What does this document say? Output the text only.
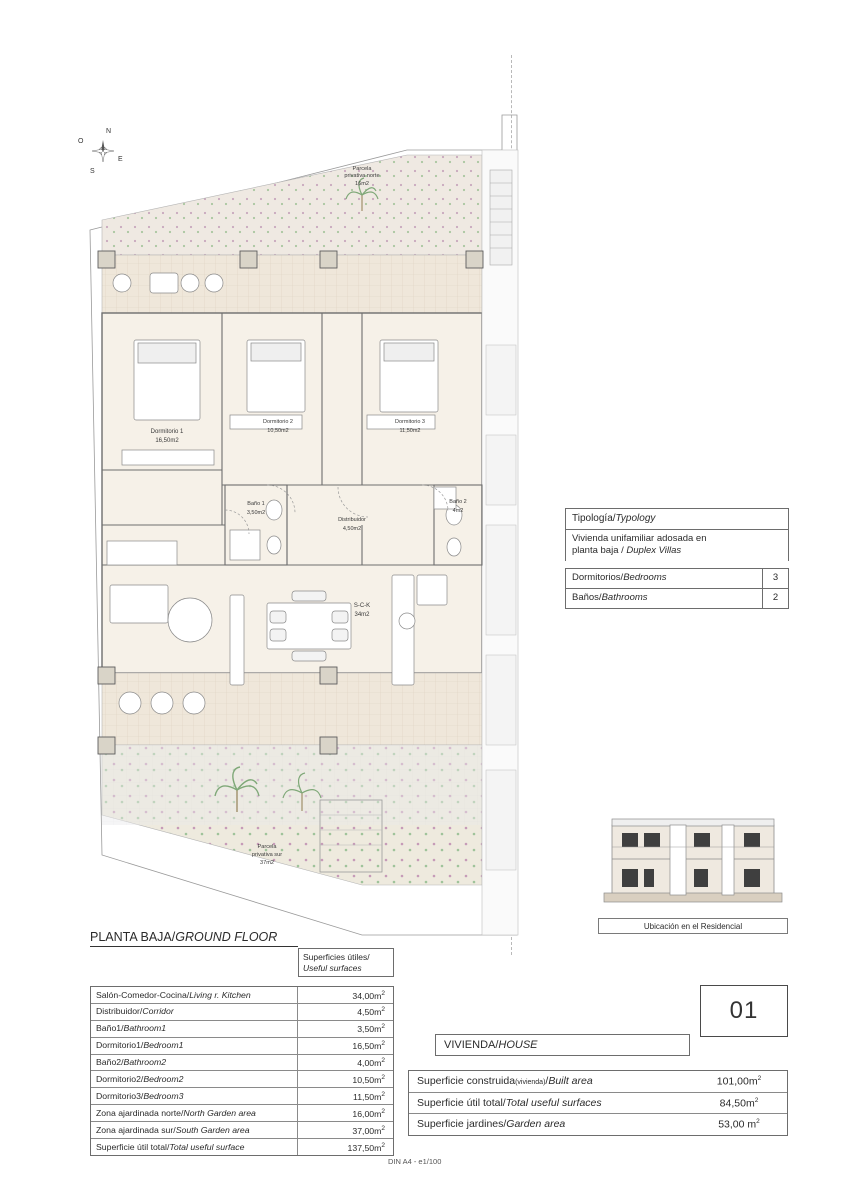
N
S
E
O
Parcela
privativa norte
16m2
Dormitorio 1
16,50m2
Dormitorio 2
10,50m2
Dormitorio 3
11,50m2
Baño 1
3,50m2
Baño 2
4m2
Distribuidor
4,50m2
S-C-K
34m2
Parcela
privativa sur
37m2
Tipología/Typology
Vivienda unifamiliar adosada en
planta baja / Duplex Villas
Dormitorios/Bedrooms	3
Baños/Bathrooms	2
Ubicación en el Residencial
01
VIVIENDA/ HOUSE
PLANTA BAJA/GROUND FLOOR
Superficies útiles/
Useful surfaces
Salón-Comedor-Cocina/Living r. Kitchen	$34,00m^2$
Distribuidor/Corridor	$4,50m^2$
Baño1/Bathroom1	$3,50m^2$
Dormitorio1/Bedroom1	$16,50m^2$
Baño2/Bathroom2	$4,00m^2$
Dormitorio2/Bedroom2	$10,50m^2$
Dormitorio3/Bedroom3	$11,50m^2$
Zona ajardinada norte/North Garden area	$16,00m^2$
Zona ajardinada sur/South Garden area	$37,00m^2$
Superficie útil total/Total useful surface	$137,50m^2$
Superficie construida(vivienda)/Built area	$101,00m^2$
Superficie útil total/Total useful surfaces	$84,50m^2$
Superficie jardines/Garden area	53,00 $m^2$
DIN A4 - e1/100
